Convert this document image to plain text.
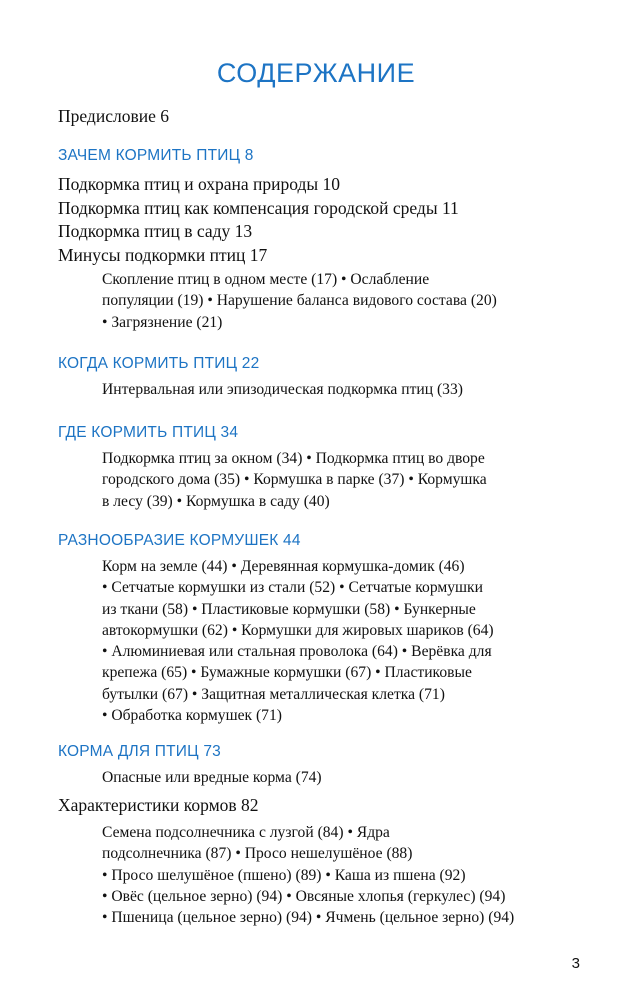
СОДЕРЖАНИЕ
Предисловие 6
ЗАЧЕМ КОРМИТЬ ПТИЦ 8
Подкормка птиц и охрана природы 10
Подкормка птиц как компенсация городской среды 11
Подкормка птиц в саду 13
Минусы подкормки птиц 17
Скопление птиц в одном месте (17) • Ослабление
популяции (19) • Нарушение баланса видового состава (20)
• Загрязнение (21)
КОГДА КОРМИТЬ ПТИЦ 22
Интервальная или эпизодическая подкормка птиц (33)
ГДЕ КОРМИТЬ ПТИЦ 34
Подкормка птиц за окном (34) • Подкормка птиц во дворе
городского дома (35) • Кормушка в парке (37) • Кормушка
в лесу (39) • Кормушка в саду (40)
РАЗНООБРАЗИЕ КОРМУШЕК 44
Корм на земле (44) • Деревянная кормушка-домик (46)
• Сетчатые кормушки из стали (52) • Сетчатые кормушки
из ткани (58) • Пластиковые кормушки (58) • Бункерные
автокормушки (62) • Кормушки для жировых шариков (64)
• Алюминиевая или стальная проволока (64) • Верёвка для
крепежа (65) • Бумажные кормушки (67) • Пластиковые
бутылки (67) • Защитная металлическая клетка (71)
• Обработка кормушек (71)
КОРМА ДЛЯ ПТИЦ 73
Опасные или вредные корма (74)
Характеристики кормов 82
Семена подсолнечника с лузгой (84) • Ядра
подсолнечника (87) • Просо нешелушёное (88)
• Просо шелушёное (пшено) (89) • Каша из пшена (92)
• Овёс (цельное зерно) (94) • Овсяные хлопья (геркулес) (94)
• Пшеница (цельное зерно) (94) • Ячмень (цельное зерно) (94)
3
